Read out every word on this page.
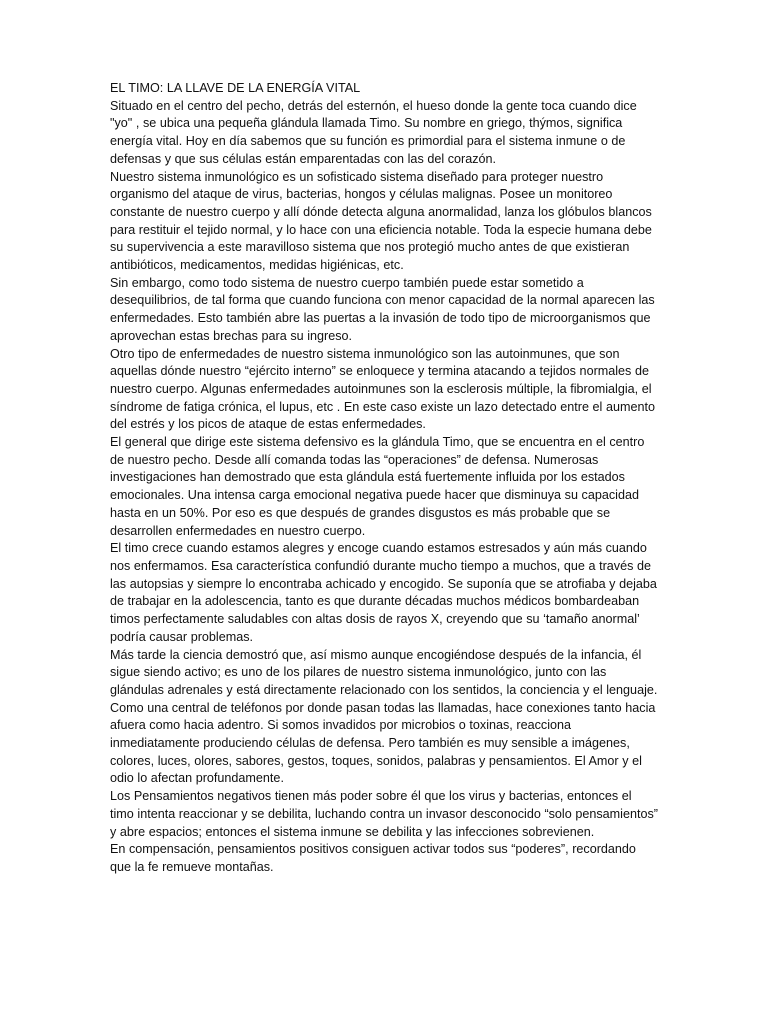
EL TIMO: LA LLAVE DE LA ENERGÍA VITAL

Situado en el centro del pecho, detrás del esternón, el hueso donde la gente toca cuando dice "yo" , se ubica una pequeña glándula llamada Timo. Su nombre en griego, thýmos, significa energía vital. Hoy en día sabemos que su función es primordial para el sistema inmune o de defensas y que sus células están emparentadas con las del corazón.

Nuestro sistema inmunológico es un sofisticado sistema diseñado para proteger nuestro organismo del ataque de virus, bacterias, hongos y células malignas. Posee un monitoreo constante de nuestro cuerpo y allí dónde detecta alguna anormalidad, lanza los glóbulos blancos para restituir el tejido normal, y lo hace con una eficiencia notable. Toda la especie humana debe su supervivencia a este maravilloso sistema que nos protegió mucho antes de que existieran antibióticos, medicamentos, medidas higiénicas, etc.

Sin embargo, como todo sistema de nuestro cuerpo también puede estar sometido a desequilibrios, de tal forma que cuando funciona con menor capacidad de la normal aparecen las enfermedades. Esto también abre las puertas a la invasión de todo tipo de microorganismos que aprovechan estas brechas para su ingreso.

Otro tipo de enfermedades de nuestro sistema inmunológico son las autoinmunes, que son aquellas dónde nuestro “ejército interno” se enloquece y termina atacando a tejidos normales de nuestro cuerpo. Algunas enfermedades autoinmunes son la esclerosis múltiple, la fibromialgia, el síndrome de fatiga crónica, el lupus, etc . En este caso existe un lazo detectado entre el aumento del estrés y los picos de ataque de estas enfermedades.

El general que dirige este sistema defensivo es la glándula Timo, que se encuentra en el centro de nuestro pecho. Desde allí comanda todas las “operaciones” de defensa. Numerosas investigaciones han demostrado que esta glándula está fuertemente influida por los estados emocionales. Una intensa carga emocional negativa puede hacer que disminuya su capacidad hasta en un 50%. Por eso es que después de grandes disgustos es más probable que se desarrollen enfermedades en nuestro cuerpo.

El timo crece cuando estamos alegres y encoge cuando estamos estresados y aún más cuando nos enfermamos. Esa característica confundió durante mucho tiempo a muchos, que a través de las autopsias y siempre lo encontraba achicado y encogido. Se suponía que se atrofiaba y dejaba de trabajar en la adolescencia, tanto es que durante décadas muchos médicos bombardeaban timos perfectamente saludables con altas dosis de rayos X, creyendo que su ‘tamaño anormal’ podría causar problemas.

Más tarde la ciencia demostró que, así mismo aunque encogiéndose después de la infancia, él sigue siendo activo; es uno de los pilares de nuestro sistema inmunológico, junto con las glándulas adrenales y está directamente relacionado con los sentidos, la conciencia y el lenguaje.

Como una central de teléfonos por donde pasan todas las llamadas, hace conexiones tanto hacia afuera como hacia adentro. Si somos invadidos por microbios o toxinas, reacciona inmediatamente produciendo células de defensa. Pero también es muy sensible a imágenes, colores, luces, olores, sabores, gestos, toques, sonidos, palabras y pensamientos. El Amor y el odio lo afectan profundamente.

Los Pensamientos negativos tienen más poder sobre él que los virus y bacterias, entonces el timo intenta reaccionar y se debilita, luchando contra un invasor desconocido “solo pensamientos” y abre espacios; entonces el sistema inmune se debilita y las infecciones sobrevienen.

En compensación, pensamientos positivos consiguen activar todos sus “poderes”, recordando que la fe remueve montañas.
